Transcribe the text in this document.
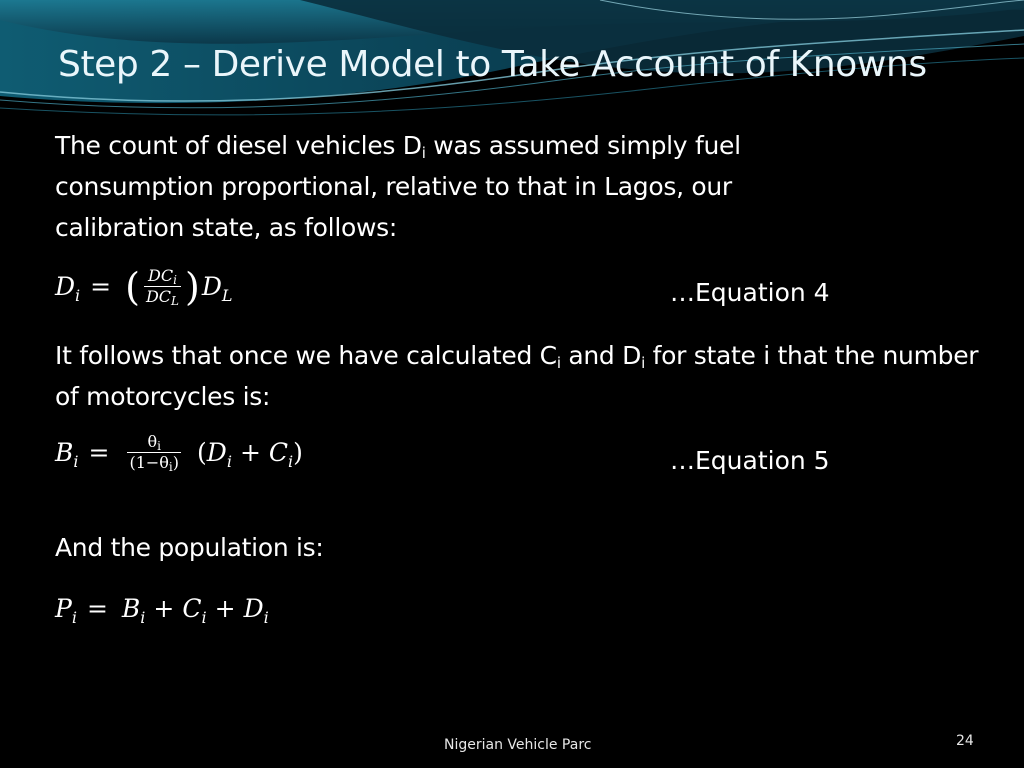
Step 2 – Derive Model to Take Account of Knowns
The count of diesel vehicles $D_i$ was assumed simply fuel consumption proportional, relative to that in Lagos, our calibration state, as follows:
$D_i$ = ( $\frac{DC_i}{DC_L}$ ) $D_L$	…Equation 4
It follows that once we have calculated $C_i$ and $D_i$ for state i that the number of motorcycles is:
$B_i = \frac{\theta_i}{(1-\theta_i)}$ ( $D_i + C_i$ )	…Equation 5
And the population is:
$P_i = B_i + C_i + D_i$
Nigerian Vehicle Parc	24
